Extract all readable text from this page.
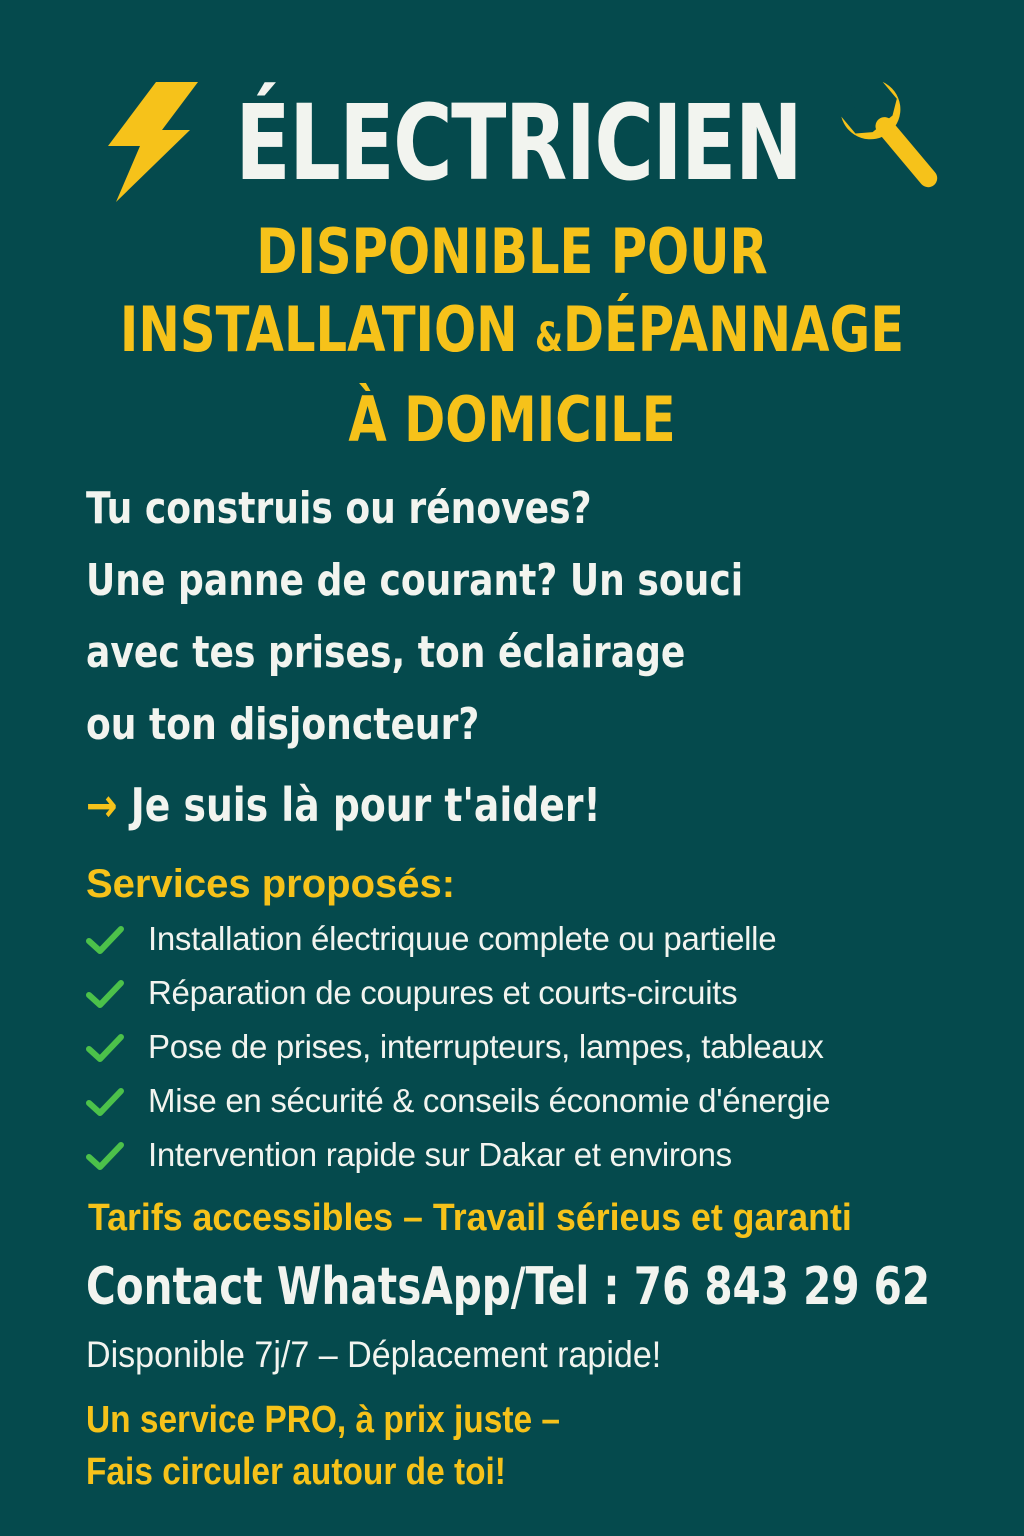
ÉLECTRICIEN
DISPONIBLE POUR
INSTALLATION &DÉPANNAGE
À DOMICILE
Tu construis ou rénoves?
Une panne de courant? Un souci
avec tes prises, ton éclairage
ou ton disjoncteur?
→ Je suis là pour t'aider!
Services proposés:
Installation électriquue complete ou partielle
Réparation de coupures et courts-circuits
Pose de prises, interrupteurs, lampes, tableaux
Mise en sécurité & conseils économie d'énergie
Intervention rapide sur Dakar et environs
Tarifs accessibles – Travail sérieus et garanti
Contact WhatsApp/Tel : 76 843 29 62
Disponible 7j/7 – Déplacement rapide!
Un service PRO, à prix juste –
Fais circuler autour de toi!
